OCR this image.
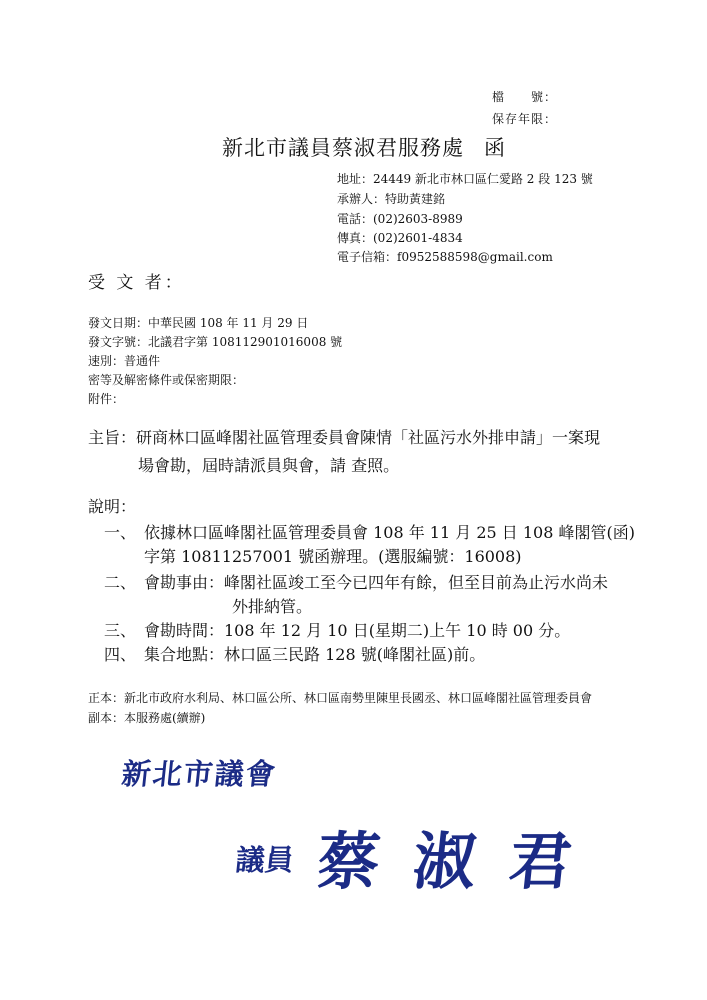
檔　　號：
保存年限：
新北市議員蔡淑君服務處 函
地址：24449 新北市林口區仁愛路 2 段 123 號
承辦人：特助黃建銘
電話：(02)2603-8989
傳真：(02)2601-4834
電子信箱：f0952588598@gmail.com
受 文 者：
發文日期：中華民國 108 年 11 月 29 日
發文字號：北議君字第 108112901016008 號
速別：普通件
密等及解密條件或保密期限：
附件：
主旨：研商林口區峰閣社區管理委員會陳情「社區污水外排申請」一案現
場會勘，屆時請派員與會，請 查照。
說明：
一、 依據林口區峰閣社區管理委員會 108 年 11 月 25 日 108 峰閣管(函)
字第 10811257001 號函辦理。(選服編號：16008)
二、 會勘事由：峰閣社區竣工至今已四年有餘，但至目前為止污水尚未
外排納管。
三、 會勘時間：108 年 12 月 10 日(星期二)上午 10 時 00 分。
四、 集合地點：林口區三民路 128 號(峰閣社區)前。
正本：新北市政府水利局、林口區公所、林口區南勢里陳里長國丞、林口區峰閣社區管理委員會
副本：本服務處(續辦)
新北市議會
議員 蔡淑君
